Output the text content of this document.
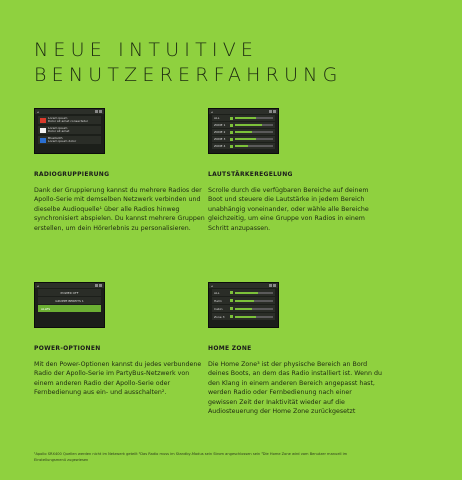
NEUE INTUITIVE
BENUTZERERFAHRUNG
◂
Lorem ipsum
Dolor sit amet consectetur
Lorem ipsum
Dolor sit amet
Bluetooth
Lorem ipsum dolor
RADIOGRUPPIERUNG
Dank der Gruppierung kannst du mehrere Radios der Apollo-Serie mit demselben Netzwerk verbinden und dieselbe Audioquelle¹ über alle Radios hinweg synchronisiert abspielen. Du kannst mehrere Gruppen erstellen, um dein Hörerlebnis zu personalisieren.
◂
ALL
ZONE 1
ZONE 2
ZONE 3
ZONE 4
LAUTSTÄRKEREGELUNG
Scrolle durch die verfügbaren Bereiche auf deinem Boot und steuere die Lautstärke in jedem Bereich unabhängig voneinander, oder wähle alle Bereiche gleichzeitig, um eine Gruppe von Radios in einem Schritt anzupassen.
◂
POWER OFF
GRUPPE BEREITS 1
ALLES
POWER-OPTIONEN
Mit den Power-Optionen kannst du jedes verbundene Radio der Apollo-Serie im PartyBus-Netzwerk von einem anderen Radio der Apollo-Serie oder Fernbedienung aus ein- und ausschalten².
◂
ALL
Helm
Cabin
Zone 3
HOME ZONE
Die Home Zone³ ist der physische Bereich an Bord deines Boots, an dem das Radio installiert ist. Wenn du den Klang in einem anderen Bereich angepasst hast, werden Radio oder Fernbedienung nach einer gewissen Zeit der Inaktivität wieder auf die Audiosteuerung der Home Zone zurückgesetzt
¹Apollo SRX400 Quellen werden nicht im Netzwerk geteilt ²Das Radio muss im Standby-Modus sein Strom angeschlossen sein ³Die Home Zone wird vom Benutzer manuell im Einstellungsmenü zugewiesen
